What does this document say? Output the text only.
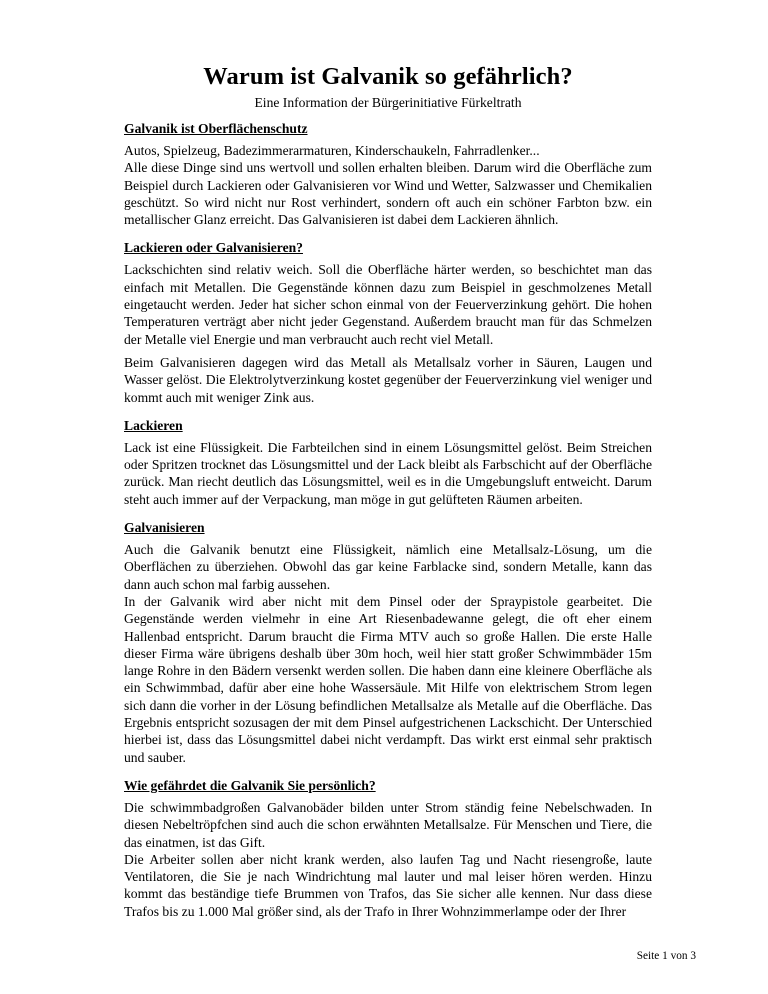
Warum ist Galvanik so gefährlich?

Eine Information der Bürgerinitiative Fürkeltrath

Galvanik ist Oberflächenschutz

Autos, Spielzeug, Badezimmerarmaturen, Kinderschaukeln, Fahrradlenker...

Alle diese Dinge sind uns wertvoll und sollen erhalten bleiben. Darum wird die Oberfläche zum Beispiel durch Lackieren oder Galvanisieren vor Wind und Wetter, Salzwasser und Chemikalien geschützt. So wird nicht nur Rost verhindert, sondern oft auch ein schöner Farbton bzw. ein metallischer Glanz erreicht. Das Galvanisieren ist dabei dem Lackieren ähnlich.

Lackieren oder Galvanisieren?

Lackschichten sind relativ weich. Soll die Oberfläche härter werden, so beschichtet man das einfach mit Metallen. Die Gegenstände können dazu zum Beispiel in geschmolzenes Metall eingetaucht werden. Jeder hat sicher schon einmal von der Feuerverzinkung gehört. Die hohen Temperaturen verträgt aber nicht jeder Gegenstand. Außerdem braucht man für das Schmelzen der Metalle viel Energie und man verbraucht auch recht viel Metall.

Beim Galvanisieren dagegen wird das Metall als Metallsalz vorher in Säuren, Laugen und Wasser gelöst. Die Elektrolytverzinkung kostet gegenüber der Feuerverzinkung viel weniger und kommt auch mit weniger Zink aus.

Lackieren

Lack ist eine Flüssigkeit. Die Farbteilchen sind in einem Lösungsmittel gelöst. Beim Streichen oder Spritzen trocknet das Lösungsmittel und der Lack bleibt als Farbschicht auf der Oberfläche zurück. Man riecht deutlich das Lösungsmittel, weil es in die Umgebungsluft entweicht. Darum steht auch immer auf der Verpackung, man möge in gut gelüfteten Räumen arbeiten.

Galvanisieren

Auch die Galvanik benutzt eine Flüssigkeit, nämlich eine Metallsalz-Lösung, um die Oberflächen zu überziehen. Obwohl das gar keine Farblacke sind, sondern Metalle, kann das dann auch schon mal farbig aussehen.

In der Galvanik wird aber nicht mit dem Pinsel oder der Spraypistole gearbeitet. Die Gegenstände werden vielmehr in eine Art Riesenbadewanne gelegt, die oft eher einem Hallenbad entspricht. Darum braucht die Firma MTV auch so große Hallen. Die erste Halle dieser Firma wäre übrigens deshalb über 30m hoch, weil hier statt großer Schwimmbäder 15m lange Rohre in den Bädern versenkt werden sollen. Die haben dann eine kleinere Oberfläche als ein Schwimmbad, dafür aber eine hohe Wassersäule. Mit Hilfe von elektrischem Strom legen sich dann die vorher in der Lösung befindlichen Metallsalze als Metalle auf die Oberfläche. Das Ergebnis entspricht sozusagen der mit dem Pinsel aufgestrichenen Lackschicht. Der Unterschied hierbei ist, dass das Lösungsmittel dabei nicht verdampft. Das wirkt erst einmal sehr praktisch und sauber.

Wie gefährdet die Galvanik Sie persönlich?

Die schwimmbadgroßen Galvanobäder bilden unter Strom ständig feine Nebelschwaden. In diesen Nebeltröpfchen sind auch die schon erwähnten Metallsalze. Für Menschen und Tiere, die das einatmen, ist das Gift.

Die Arbeiter sollen aber nicht krank werden, also laufen Tag und Nacht riesengroße, laute Ventilatoren, die Sie je nach Windrichtung mal lauter und mal leiser hören werden. Hinzu kommt das beständige tiefe Brummen von Trafos, das Sie sicher alle kennen. Nur dass diese Trafos bis zu 1.000 Mal größer sind, als der Trafo in Ihrer Wohnzimmerlampe oder der Ihrer

Seite 1 von 3
